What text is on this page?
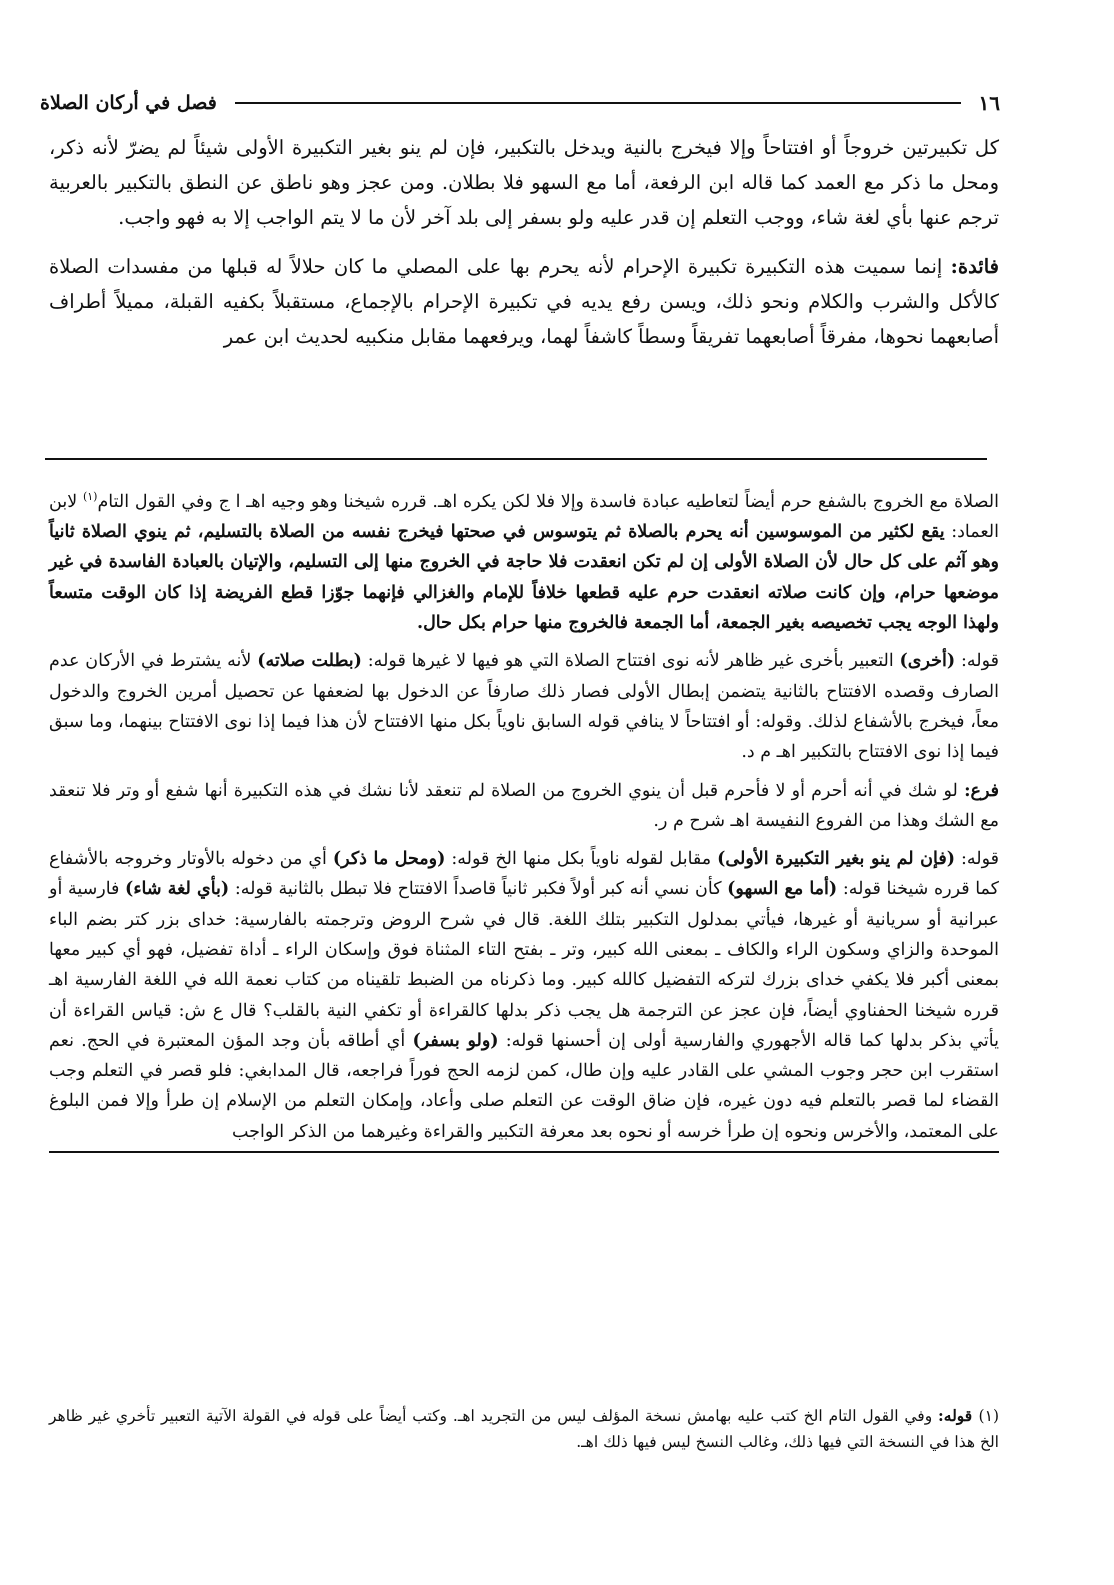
١٦
فصل في أركان الصلاة

كل تكبيرتين خروجاً أو افتتاحاً وإلا فيخرج بالنية ويدخل بالتكبير، فإن لم ينو بغير التكبيرة الأولى شيئاً لم يضرّ لأنه ذكر، ومحل ما ذكر مع العمد كما قاله ابن الرفعة، أما مع السهو فلا بطلان. ومن عجز وهو ناطق عن النطق بالتكبير بالعربية ترجم عنها بأي لغة شاء، ووجب التعلم إن قدر عليه ولو بسفر إلى بلد آخر لأن ما لا يتم الواجب إلا به فهو واجب.

فائدة: إنما سميت هذه التكبيرة تكبيرة الإحرام لأنه يحرم بها على المصلي ما كان حلالاً له قبلها من مفسدات الصلاة كالأكل والشرب والكلام ونحو ذلك، ويسن رفع يديه في تكبيرة الإحرام بالإجماع، مستقبلاً بكفيه القبلة، مميلاً أطراف أصابعهما نحوها، مفرقاً أصابعهما تفريقاً وسطاً كاشفاً لهما، ويرفعهما مقابل منكبيه لحديث ابن عمر

الصلاة مع الخروج بالشفع حرم أيضاً لتعاطيه عبادة فاسدة وإلا فلا لكن يكره اهـ. قرره شيخنا وهو وجيه اهـ ا ج وفي القول التام$^{(١)}$ لابن العماد: يقع لكثير من الموسوسين أنه يحرم بالصلاة ثم يتوسوس في صحتها فيخرج نفسه من الصلاة بالتسليم، ثم ينوي الصلاة ثانياً وهو آثم على كل حال لأن الصلاة الأولى إن لم تكن انعقدت فلا حاجة في الخروج منها إلى التسليم، والإتيان بالعبادة الفاسدة في غير موضعها حرام، وإن كانت صلاته انعقدت حرم عليه قطعها خلافاً للإمام والغزالي فإنهما جوّزا قطع الفريضة إذا كان الوقت متسعاً ولهذا الوجه يجب تخصيصه بغير الجمعة، أما الجمعة فالخروج منها حرام بكل حال.

قوله: (أخرى) التعبير بأخرى غير ظاهر لأنه نوى افتتاح الصلاة التي هو فيها لا غيرها قوله: (بطلت صلاته) لأنه يشترط في الأركان عدم الصارف وقصده الافتتاح بالثانية يتضمن إبطال الأولى فصار ذلك صارفاً عن الدخول بها لضعفها عن تحصيل أمرين الخروج والدخول معاً، فيخرج بالأشفاع لذلك. وقوله: أو افتتاحاً لا ينافي قوله السابق ناوياً بكل منها الافتتاح لأن هذا فيما إذا نوى الافتتاح بينهما، وما سبق فيما إذا نوى الافتتاح بالتكبير اهـ م د.

فرع: لو شك في أنه أحرم أو لا فأحرم قبل أن ينوي الخروج من الصلاة لم تنعقد لأنا نشك في هذه التكبيرة أنها شفع أو وتر فلا تنعقد مع الشك وهذا من الفروع النفيسة اهـ شرح م ر.

قوله: (فإن لم ينو بغير التكبيرة الأولى) مقابل لقوله ناوياً بكل منها الخ قوله: (ومحل ما ذكر) أي من دخوله بالأوتار وخروجه بالأشفاع كما قرره شيخنا قوله: (أما مع السهو) كأن نسي أنه كبر أولاً فكبر ثانياً قاصداً الافتتاح فلا تبطل بالثانية قوله: (بأي لغة شاء) فارسية أو عبرانية أو سريانية أو غيرها، فيأتي بمدلول التكبير بتلك اللغة. قال في شرح الروض وترجمته بالفارسية: خداى بزر كتر بضم الباء الموحدة والزاي وسكون الراء والكاف ـ بمعنى الله كبير، وتر ـ بفتح التاء المثناة فوق وإسكان الراء ـ أداة تفضيل، فهو أي كبير معها بمعنى أكبر فلا يكفي خداى بزرك لتركه التفضيل كالله كبير. وما ذكرناه من الضبط تلقيناه من كتاب نعمة الله في اللغة الفارسية اهـ قرره شيخنا الحفناوي أيضاً، فإن عجز عن الترجمة هل يجب ذكر بدلها كالقراءة أو تكفي النية بالقلب؟ قال ع ش: قياس القراءة أن يأتي بذكر بدلها كما قاله الأجهوري والفارسية أولى إن أحسنها قوله: (ولو بسفر) أي أطاقه بأن وجد المؤن المعتبرة في الحج. نعم استقرب ابن حجر وجوب المشي على القادر عليه وإن طال، كمن لزمه الحج فوراً فراجعه، قال المدابغي: فلو قصر في التعلم وجب القضاء لما قصر بالتعلم فيه دون غيره، فإن ضاق الوقت عن التعلم صلى وأعاد، وإمكان التعلم من الإسلام إن طرأ وإلا فمن البلوغ على المعتمد، والأخرس ونحوه إن طرأ خرسه أو نحوه بعد معرفة التكبير والقراءة وغيرهما من الذكر الواجب

(١) قوله: وفي القول التام الخ كتب عليه بهامش نسخة المؤلف ليس من التجريد اهـ. وكتب أيضاً على قوله في القولة الآتية التعبير تأخري غير ظاهر الخ هذا في النسخة التي فيها ذلك، وغالب النسخ ليس فيها ذلك اهـ.
